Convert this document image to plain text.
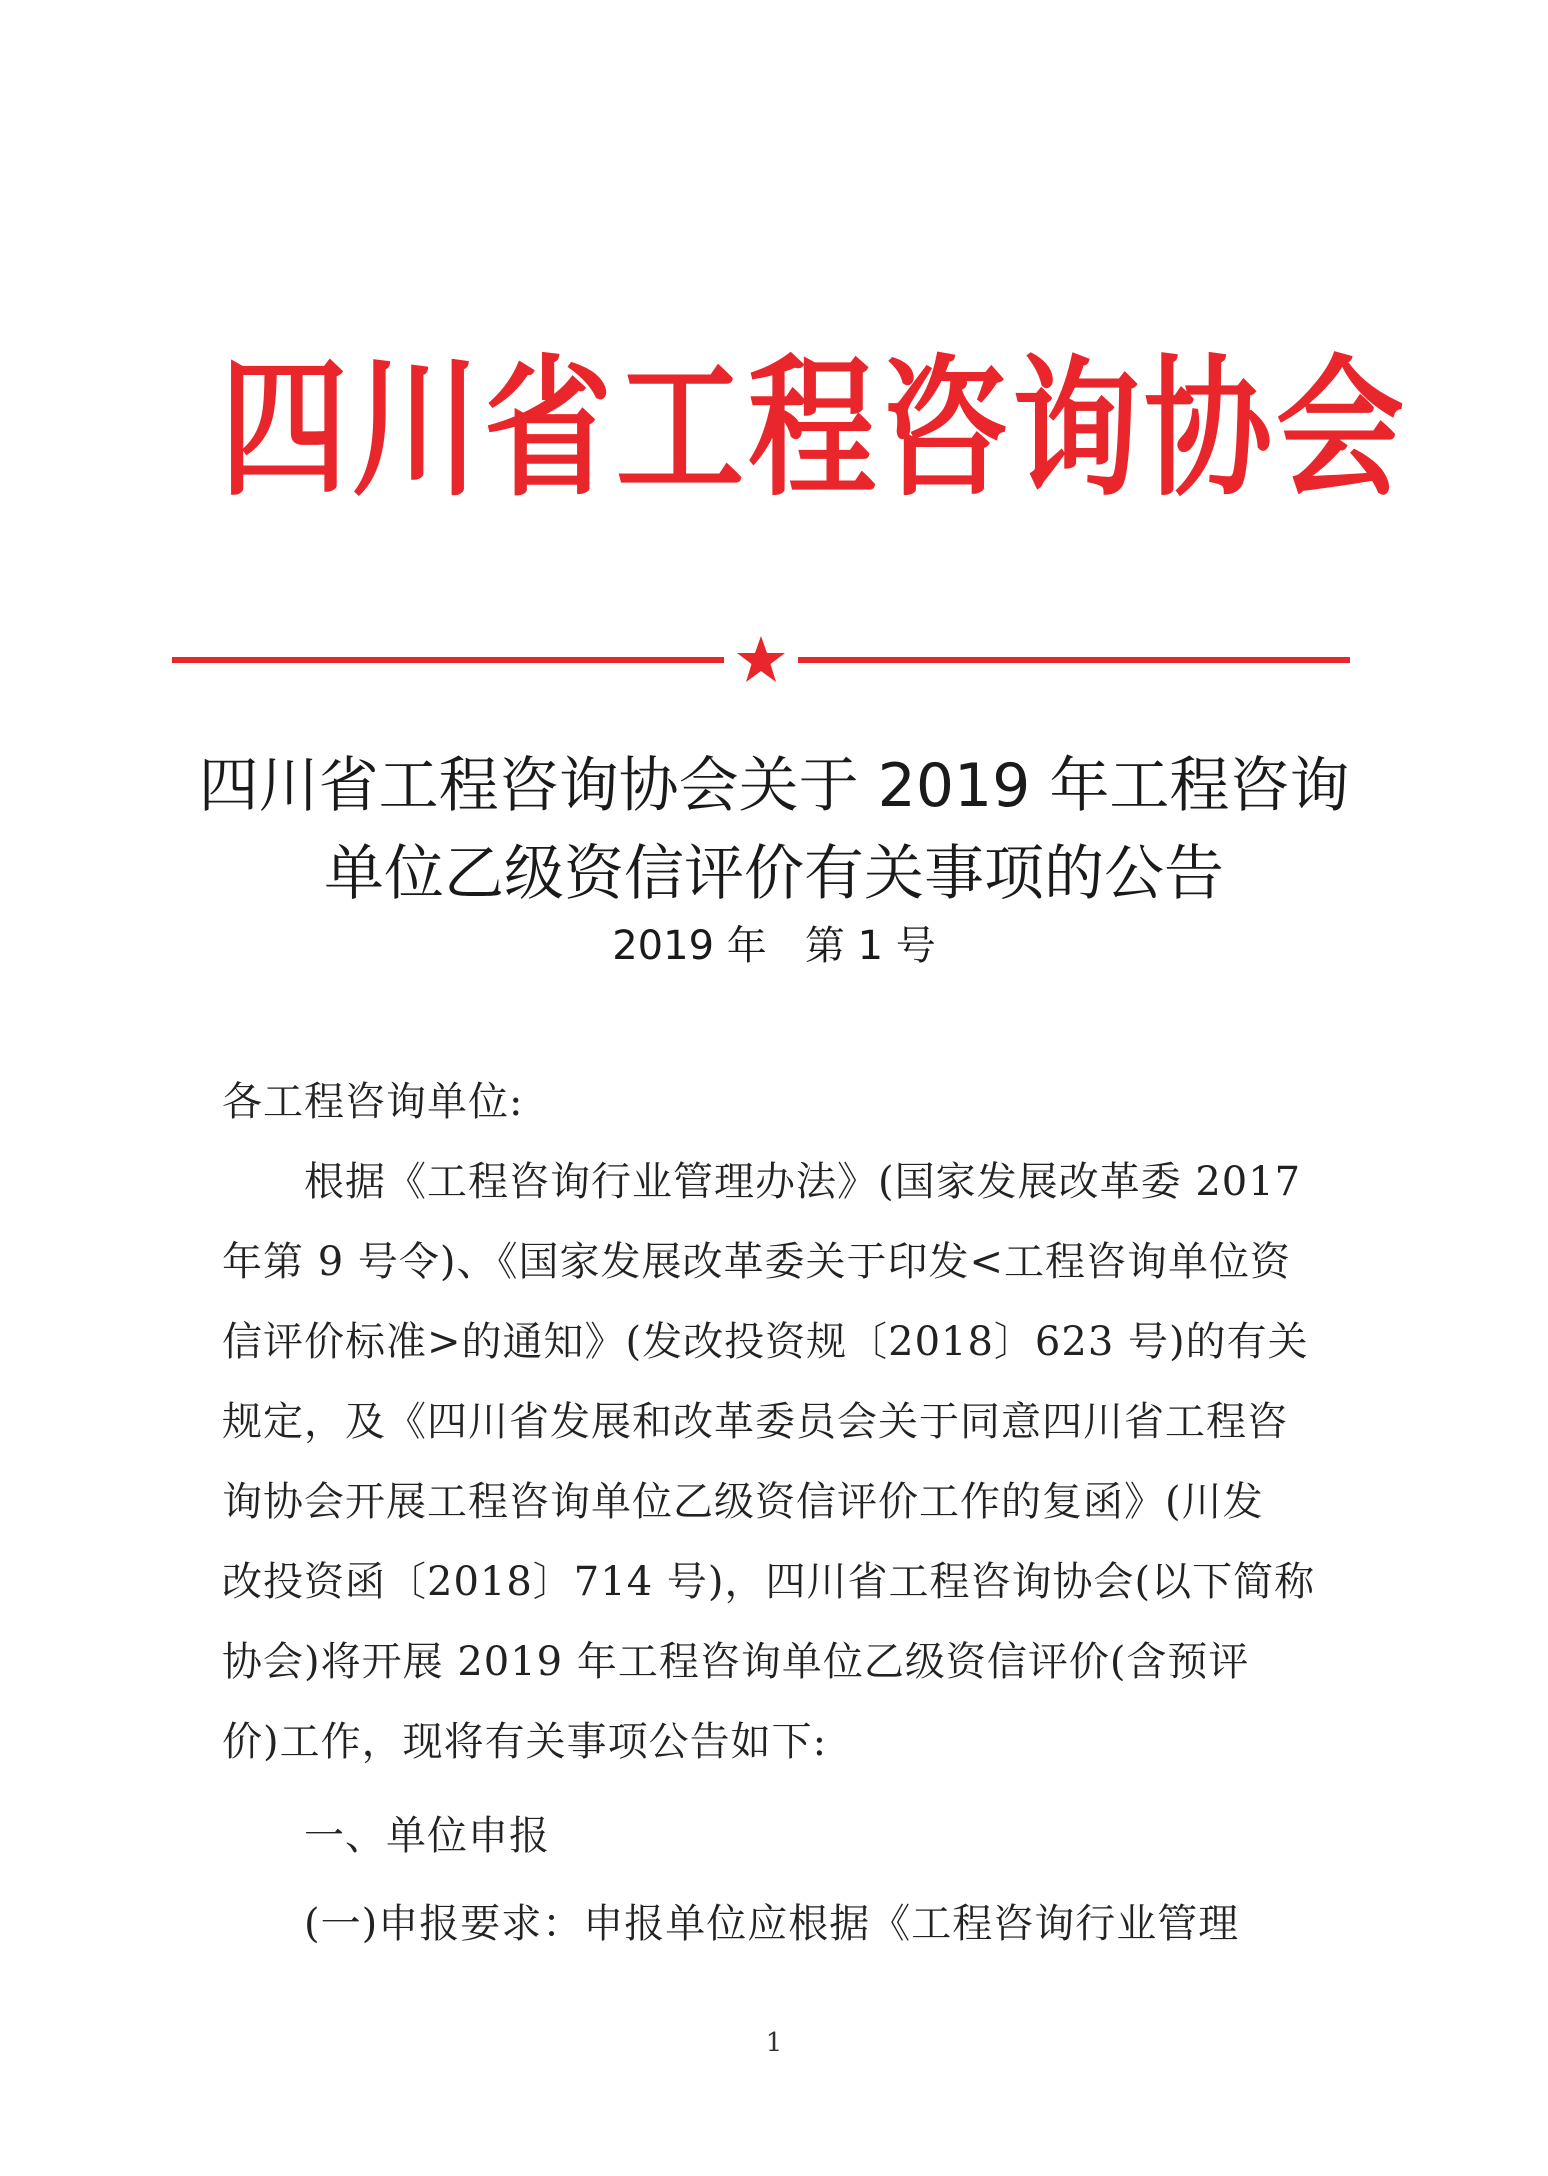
四川省工程咨询协会
四川省工程咨询协会关于 2019 年工程咨询
单位乙级资信评价有关事项的公告
2019 年   第 1 号
各工程咨询单位:
　　根据《工程咨询行业管理办法》(国家发展改革委 2017
年第 9 号令)、《国家发展改革委关于印发<工程咨询单位资
信评价标准>的通知》(发改投资规〔2018〕623 号)的有关
规定，及《四川省发展和改革委员会关于同意四川省工程咨
询协会开展工程咨询单位乙级资信评价工作的复函》(川发
改投资函〔2018〕714 号)，四川省工程咨询协会(以下简称
协会)将开展 2019 年工程咨询单位乙级资信评价(含预评
价)工作，现将有关事项公告如下:
　　一、单位申报
　　(一)申报要求：申报单位应根据《工程咨询行业管理
1
